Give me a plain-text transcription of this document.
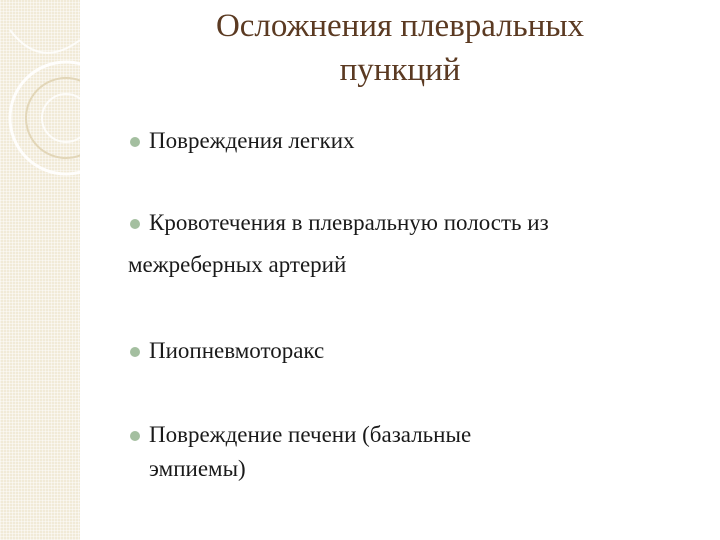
Осложнения плевральных
пункций
Повреждения легких
Кровотечения в плевральную полость из
межреберных артерий
Пиопневмоторакс
Повреждение печени (базальные
эмпиемы)
